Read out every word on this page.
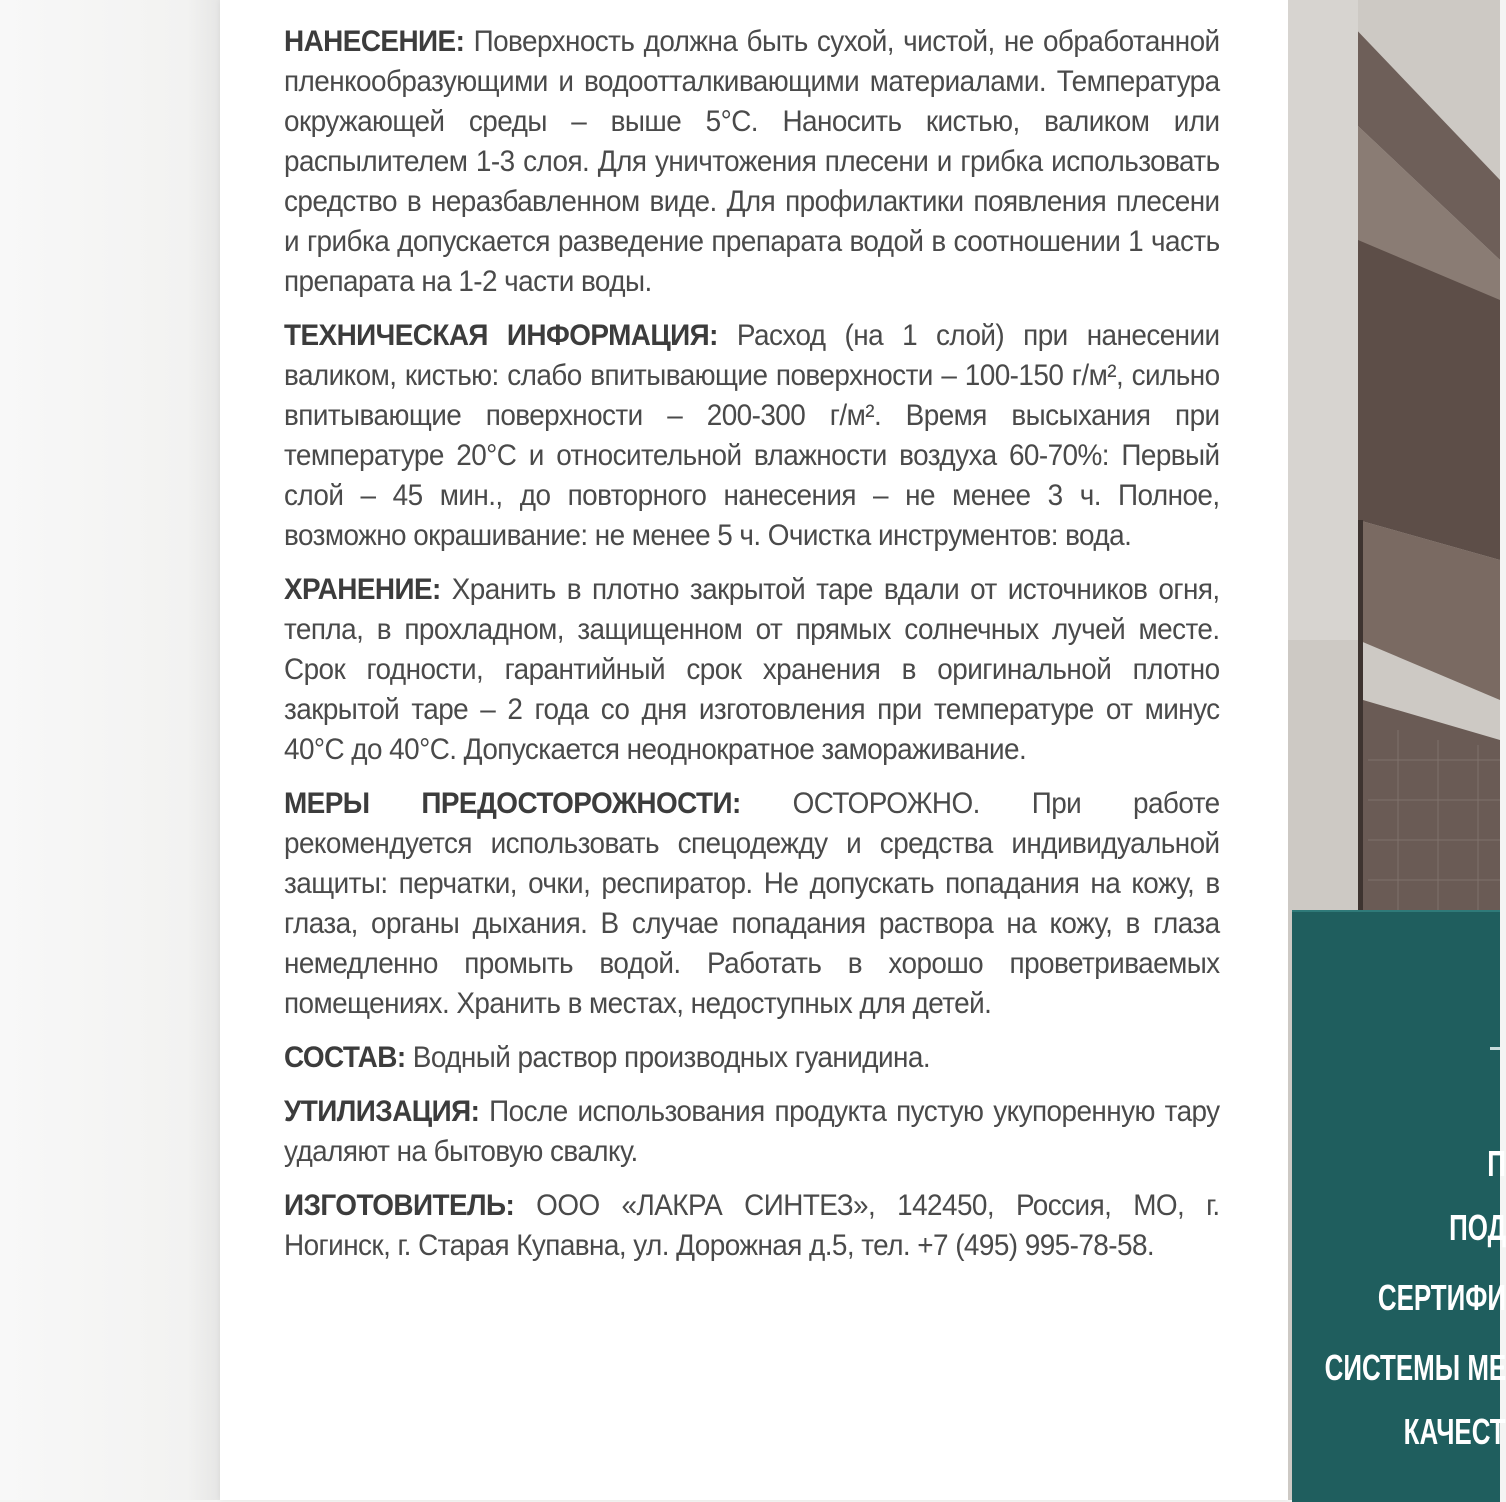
НАНЕСЕНИЕ: Поверхность должна быть сухой, чистой, не обработанной пленкообразующими и водоотталкивающими материалами. Температура окружающей среды – выше 5°С. Наносить кистью, валиком или распылителем 1-3 слоя. Для уничтожения плесени и грибка использовать средство в неразбавленном виде. Для профилактики появления плесени и грибка допускается разведение препарата водой в соотношении 1 часть препарата на 1-2 части воды.

ТЕХНИЧЕСКАЯ ИНФОРМАЦИЯ: Расход (на 1 слой) при нанесении валиком, кистью: слабо впитывающие поверхности – 100-150 г/м², сильно впитывающие поверхности – 200-300 г/м². Время высыхания при температуре 20°С и относительной влажности воздуха 60-70%: Первый слой – 45 мин., до повторного нанесения – не менее 3 ч. Полное, возможно окрашивание: не менее 5 ч. Очистка инструментов: вода.

ХРАНЕНИЕ: Хранить в плотно закрытой таре вдали от источников огня, тепла, в прохладном, защищенном от прямых солнечных лучей месте. Срок годности, гарантийный срок хранения в оригинальной плотно закрытой таре – 2 года со дня изготовления при температуре от минус 40°С до 40°С. Допускается неоднократное замораживание.

МЕРЫ ПРЕДОСТОРОЖНОСТИ: ОСТОРОЖНО. При работе рекомендуется использовать спецодежду и средства индивидуальной защиты: перчатки, очки, респиратор. Не допускать попадания на кожу, в глаза, органы дыхания. В случае попадания раствора на кожу, в глаза немедленно промыть водой. Работать в хорошо проветриваемых помещениях. Хранить в местах, недоступных для детей.

СОСТАВ: Водный раствор производных гуанидина.

УТИЛИЗАЦИЯ: После использования продукта пустую укупоренную тару удаляют на бытовую свалку.

ИЗГОТОВИТЕЛЬ: ООО «ЛАКРА СИНТЕЗ», 142450, Россия, МО, г. Ногинск, г. Старая Купавна, ул. Дорожная д.5, тел. +7 (495) 995-78-58.

П
ПОД
СЕРТИФИ
СИСТЕМЫ МЕ
КАЧЕСТ
